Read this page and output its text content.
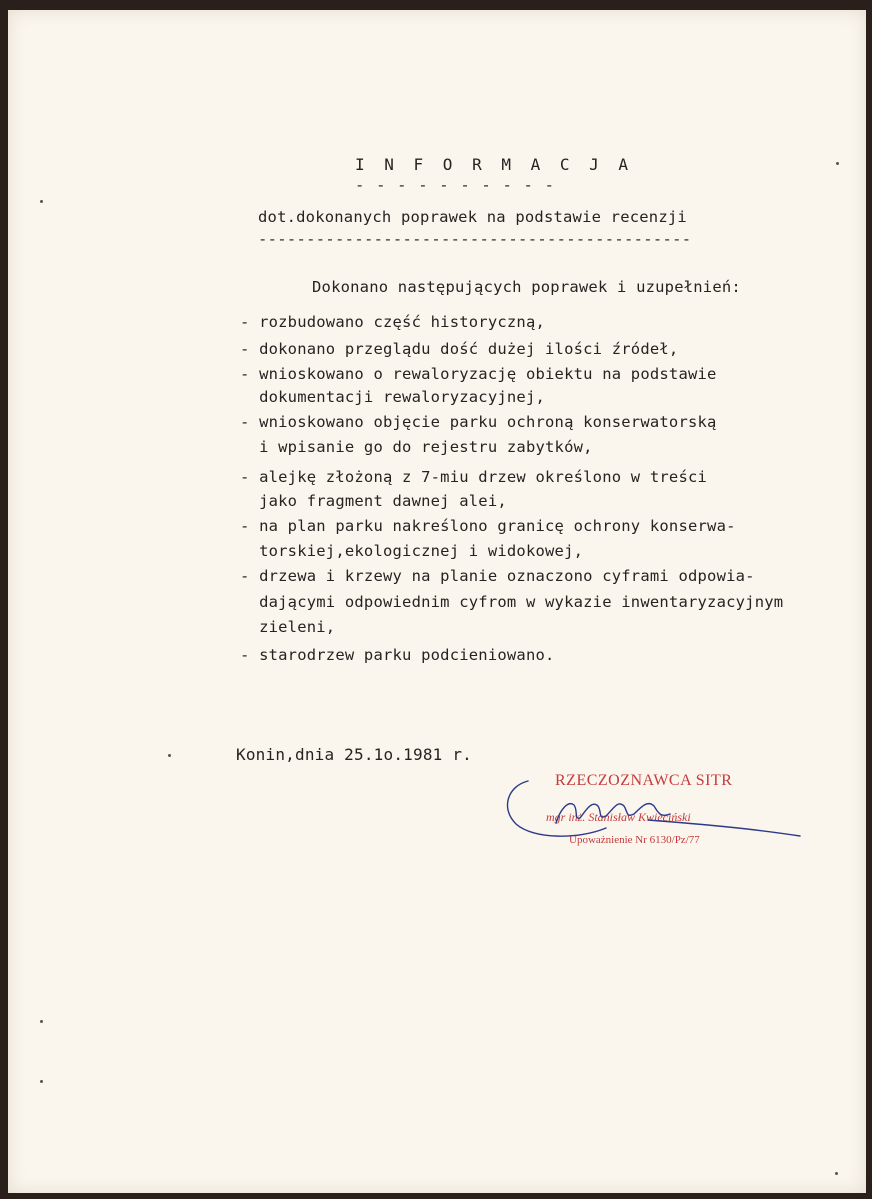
I N F O R M A C J A
- - - - - - - - - -
dot.dokonanych poprawek na podstawie recenzji
---------------------------------------------
Dokonano następujących poprawek i uzupełnień:
- rozbudowano część historyczną,
- dokonano przeglądu dość dużej ilości źródeł,
- wnioskowano o rewaloryzację obiektu na podstawie
dokumentacji rewaloryzacyjnej,
- wnioskowano objęcie parku ochroną konserwatorską
i wpisanie go do rejestru zabytków,
- alejkę złożoną z 7-miu drzew określono w treści
jako fragment dawnej alei,
- na plan parku nakreślono granicę ochrony konserwa-
torskiej,ekologicznej i widokowej,
- drzewa i krzewy na planie oznaczono cyframi odpowia-
dającymi odpowiednim cyfrom w wykazie inwentaryzacyjnym
zieleni,
- starodrzew parku podcieniowano.
Konin,dnia 25.1o.1981 r.
RZECZOZNAWCA SITR
mgr inż. Stanisław Kwieciński
Upoważnienie Nr 6130/Pz/77
